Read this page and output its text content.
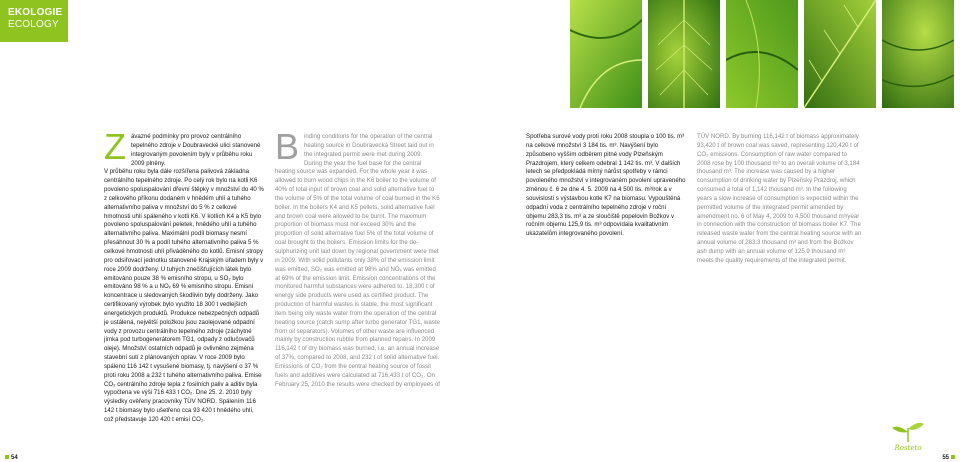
EKOLOGIE
ECOLOGY
Z ávazné podmínky pro provoz centrálního tepelného zdroje v Doubravecké ulici stanovené integrovaným povolením byly v průběhu roku 2009 plněny.

V průběhu roku byla dále rozšířena palivová základna centrálního tepelného zdroje. Po celý rok bylo na kotli K6 povoleno spoluspalování dřevní štěpky v množství do 40 % z celkového příkonu dodaném v hnědém uhlí a tuhého alternativního paliva v množství do 5 % z celkové hmotnosti uhlí spáleného v kotli K6. V kotlích K4 a K5 bylo povoleno spoluspalování peletek, hnědého uhlí a tuhého alternativního paliva. Maximální podíl biomasy nesmí přesáhnout 30 % a podíl tuhého alternativního paliva 5 % celkové hmotnosti uhlí přiváděného do kotlů. Emisní stropy pro odsiřovací jednotku stanovené Krajským úřadem byly v roce 2009 dodrženy. U tuhých znečišťujících látek bylo emitováno pouze 38 % emisního stropu, u SO₂ bylo emitováno 98 % a u NOₓ 69 % emisního stropu. Emisní koncentrace u sledovaných škodlivin byly dodrženy. Jako certifikovaný výrobek bylo využito 18 300 t vedlejších energetických produktů. Produkce nebezpečných odpadů je ustálená, největší položkou jsou zaolejované odpadní vody z provozu centrálního tepelného zdroje (záchytné jímka pod turbogenerátorem TG1, odpady z odlučovačů oleje). Množství ostatních odpadů je ovlivněno zejména stavební sutí z plánovaných oprav. V roce 2009 bylo spáleno 116 142 t vysušené biomasy, tj. navýšení o 37 % proti roku 2008 a 232 t tuhého alternativního paliva. Emise CO₂ centrálního zdroje tepla z fosilních paliv a aditiv byla vypočtena ve výši 716 433 t CO₂. Dne 25. 2. 2010 byly výsledky ověřeny pracovníky TÜV NORD. Spálením 116 142 t biomasy bylo ušetřeno cca 93 420 t hnědého uhlí, což představuje 120 420 t emisí CO₂.

B inding conditions for the operation of the central heating source in Doubravecká Street laid out in the integrated permit were met during 2009.

During the year the fuel base for the central heating source was expanded. For the whole year it was allowed to burn wood chips in the K6 boiler to the volume of 40% of total input of brown coal and solid alternative fuel to the volume of 5% of the total volume of coal burned in the K6 boiler. In the boilers K4 and K5 pellets, solid alternative fuel and brown coal were allowed to be burnt. The maximum proportion of biomass must not exceed 30% and the proportion of solid alternative fuel 5% of the total volume of coal brought to the boilers. Emission limits for the de-sulphurizing unit laid down by regional government were met in 2009. With solid pollutants only 38% of the emission limit was emitted, SO₂ was emitted at 98% and NOₓ was emitted at 69% of the emission limit. Emission concentrations of the monitored harmful substances were adhered to. 18,300 t of energy side products were used as certified product. The production of harmful wastes is stable, the most significant item being oily waste water from the operation of the central heating source (catch sump after turbo generator TG1, waste from oil separators). Volumes of other waste are influenced mainly by construction rubble from planned repairs. In 2009 116,142 t of dry biomass was burned, i.e. an annual increase of 37%, compared to 2008, and 232 t of solid alternative fuel. Emissions of CO₂ from the central heating source of fossil fuels and additives were calculated at 716,433 t of CO₂. On February 25, 2010 the results were checked by employees of

Spotřeba surové vody proti roku 2008 stoupla o 100 tis. m³ na celkové množství 3 184 tis. m³. Navýšení bylo způsobeno vyšším odběrem pitné vody Plzeňským Prazdrojem, který celkem odebral 1 142 tis. m³. V dalších letech se předpokládá mírný nárůst spotřeby v rámci povoleného množství v integrovaném povolení upraveného změnou č. 6 ze dne 4. 5. 2009 na 4 500 tis. m³/rok a v souvislosti s výstavbou kotle K7 na biomasu. Vypouštěná odpadní voda z centrálního tepelného zdroje v roční objemu 283,3 tis. m³ a ze sloučiště popelovin Božkov v ročním objemu 125,9 tis. m³ odpovídala kvalitativním ukazatelům integrovaného povolení.

TÜV NORD. By burning 116,142 t of biomass approximately 93,420 t of brown coal was saved, representing 120,420 t of CO₂ emissions. Consumption of raw water compared to 2008 rose by 100 thousand m³ to an overall volume of 3,184 thousand m³. The increase was caused by a higher consumption of drinking water by Plzeňský Prazdroj, which consumed a total of 1,142 thousand m³. In the following years a slow increase of consumption is expected within the permitted volume of the integrated permit amended by amendment no. 6 of May 4, 2009 to 4,500 thousand m³/year in connection with the construction of biomass boiler K7. The released waste water from the central heating source with an annual volume of 283.3 thousand m³ and from the Božkov ash dump with an annual volume of 125.9 thousand m³ meets the quality requirements of the integrated permit.

54	55
Rosteto
